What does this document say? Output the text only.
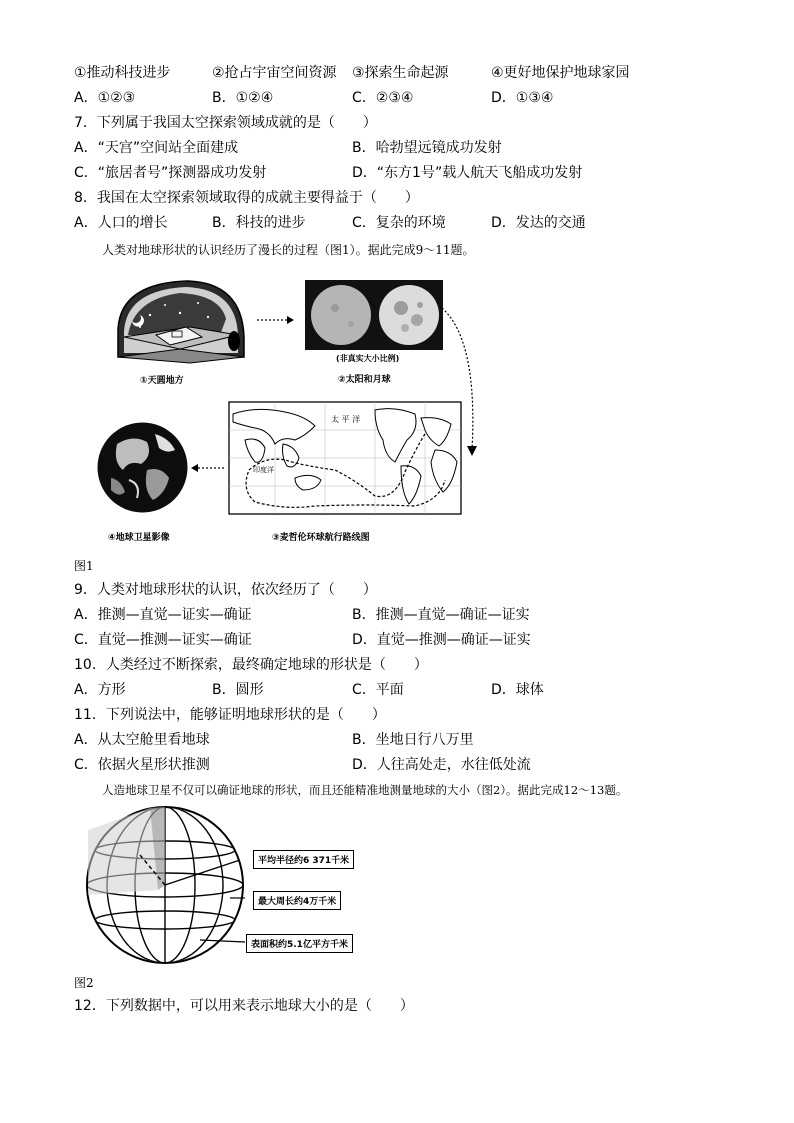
①推动科技进步	②抢占宇宙空间资源 ③探索生命起源	④更好地保护地球家园
A．①②③	B．①②④	C．②③④	D．①③④
7．下列属于我国太空探索领域成就的是（　　）
A．“天宫”空间站全面建成	B．哈勃望远镜成功发射
C．“旅居者号”探测器成功发射	D．“东方1号”载人航天飞船成功发射
8．我国在太空探索领域取得的成就主要得益于（　　）
A．人口的增长	B．科技的进步	C．复杂的环境	D．发达的交通
人类对地球形状的认识经历了漫长的过程（图1）。据此完成9～11题。
①天圆地方
(非真实大小比例)
②太阳和月球
太 平 洋
印度洋
③麦哲伦环球航行路线图
④地球卫星影像
图1
9．人类对地球形状的认识，依次经历了（　　）
A．推测—直觉—证实—确证	B．推测—直觉—确证—证实
C．直觉—推测—证实—确证	D．直觉—推测—确证—证实
10．人类经过不断探索，最终确定地球的形状是（　　）
A．方形	B．圆形	C．平面	D．球体
11．下列说法中，能够证明地球形状的是（　　）
A．从太空舱里看地球	B．坐地日行八万里
C．依据火星形状推测	D．人往高处走，水往低处流
人造地球卫星不仅可以确证地球的形状，而且还能精准地测量地球的大小（图2）。据此完成12～13题。
平均半径约6 371千米
最大周长约4万千米
表面积约5.1亿平方千米
图2
12．下列数据中，可以用来表示地球大小的是（　　）
